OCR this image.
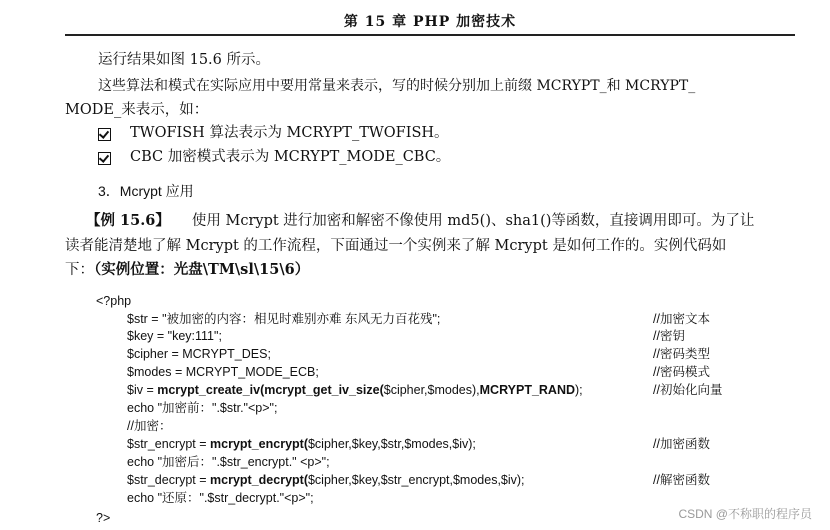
第 15 章 PHP 加密技术
运行结果如图 15.6 所示。
这些算法和模式在实际应用中要用常量来表示，写的时候分别加上前缀 MCRYPT_和 MCRYPT_
MODE_来表示，如：
TWOFISH 算法表示为 MCRYPT_TWOFISH。
CBC 加密模式表示为 MCRYPT_MODE_CBC。
3．Mcrypt 应用
【例 15.6】 使用 Mcrypt 进行加密和解密不像使用 md5()、sha1()等函数，直接调用即可。为了让
读者能清楚地了解 Mcrypt 的工作流程，下面通过一个实例来了解 Mcrypt 是如何工作的。实例代码如
下：（实例位置：光盘\TM\sl\15\6）
<?php
$str = "被加密的内容：相见时难别亦难 东风无力百花残";	//加密文本
$key = "key:111";	//密钥
$cipher = MCRYPT_DES;	//密码类型
$modes = MCRYPT_MODE_ECB;	//密码模式
$iv = mcrypt_create_iv(mcrypt_get_iv_size($cipher,$modes),MCRYPT_RAND);	//初始化向量
echo "加密前：".$str."<p>";
//加密：
$str_encrypt = mcrypt_encrypt($cipher,$key,$str,$modes,$iv);	//加密函数
echo "加密后：".$str_encrypt." <p>";
$str_decrypt = mcrypt_decrypt($cipher,$key,$str_encrypt,$modes,$iv);	//解密函数
echo "还原：".$str_decrypt."<p>";
?>	CSDN @不称职的程序员
